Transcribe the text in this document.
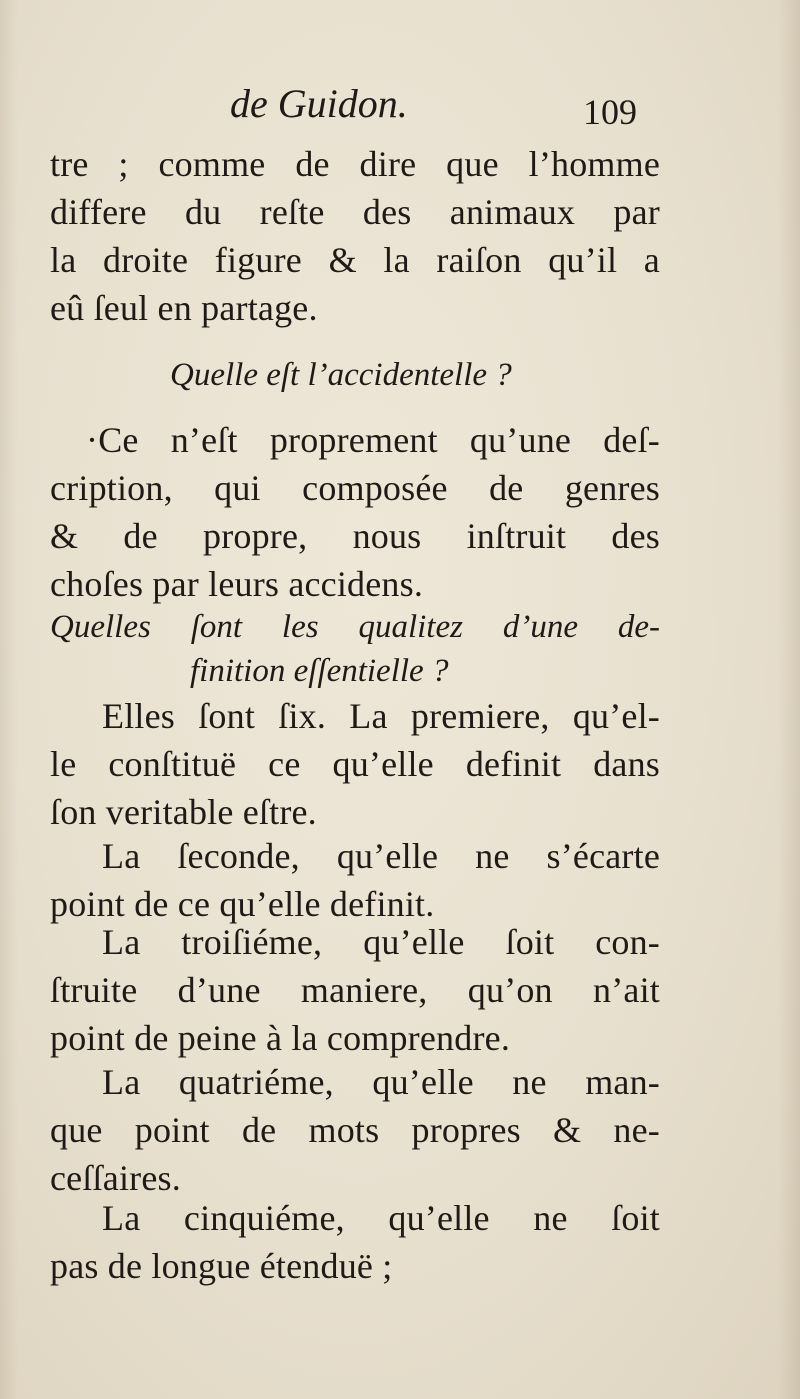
de Guidon.	109
tre ; comme de dire que l’homme
differe du reſte des animaux par
la droite figure & la raiſon qu’il a
eû ſeul en partage.
Quelle eſt l’accidentelle ?
·Ce n’eſt proprement qu’une deſ-
cription, qui composée de genres
& de propre, nous inſtruit des
choſes par leurs accidens.
Quelles ſont les qualitez d’une de-
finition eſſentielle ?
Elles ſont ſix. La premiere, qu’el-
le conſtituë ce qu’elle definit dans
ſon veritable eſtre.
La ſeconde, qu’elle ne s’écarte
point de ce qu’elle definit.
La troiſiéme, qu’elle ſoit con-
ſtruite d’une maniere, qu’on n’ait
point de peine à la comprendre.
La quatriéme, qu’elle ne man-
que point de mots propres & ne-
ceſſaires.
La cinquiéme, qu’elle ne ſoit
pas de longue étenduë ;
